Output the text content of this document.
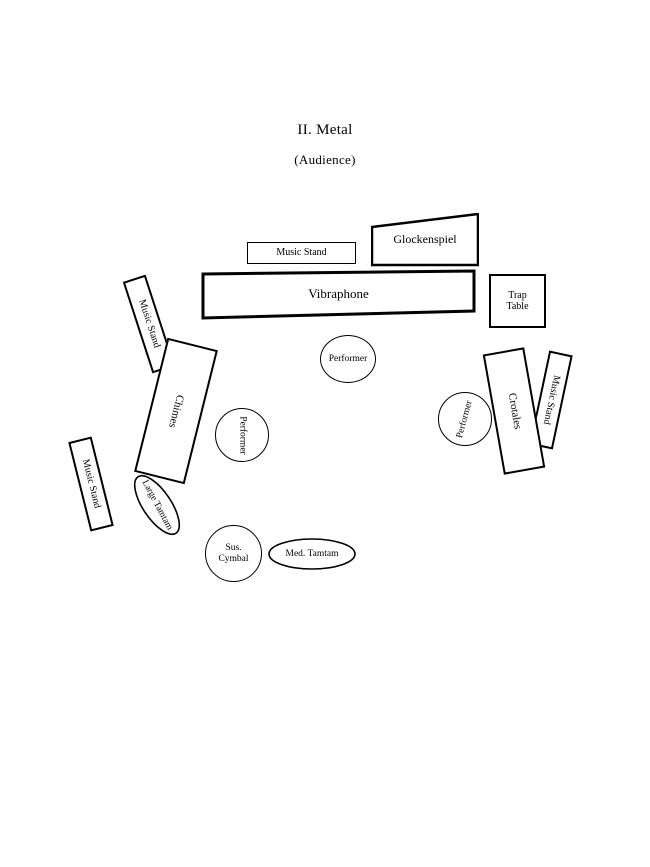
II. Metal
(Audience)
Glockenspiel
Music Stand
Vibraphone	Trap
Table
Music Stand
Music Stand
Music Stand
Chimes	Crotales
Performer
Performer	Performer
Large Tamtam
Sus.
Cymbal	Med. Tamtam
